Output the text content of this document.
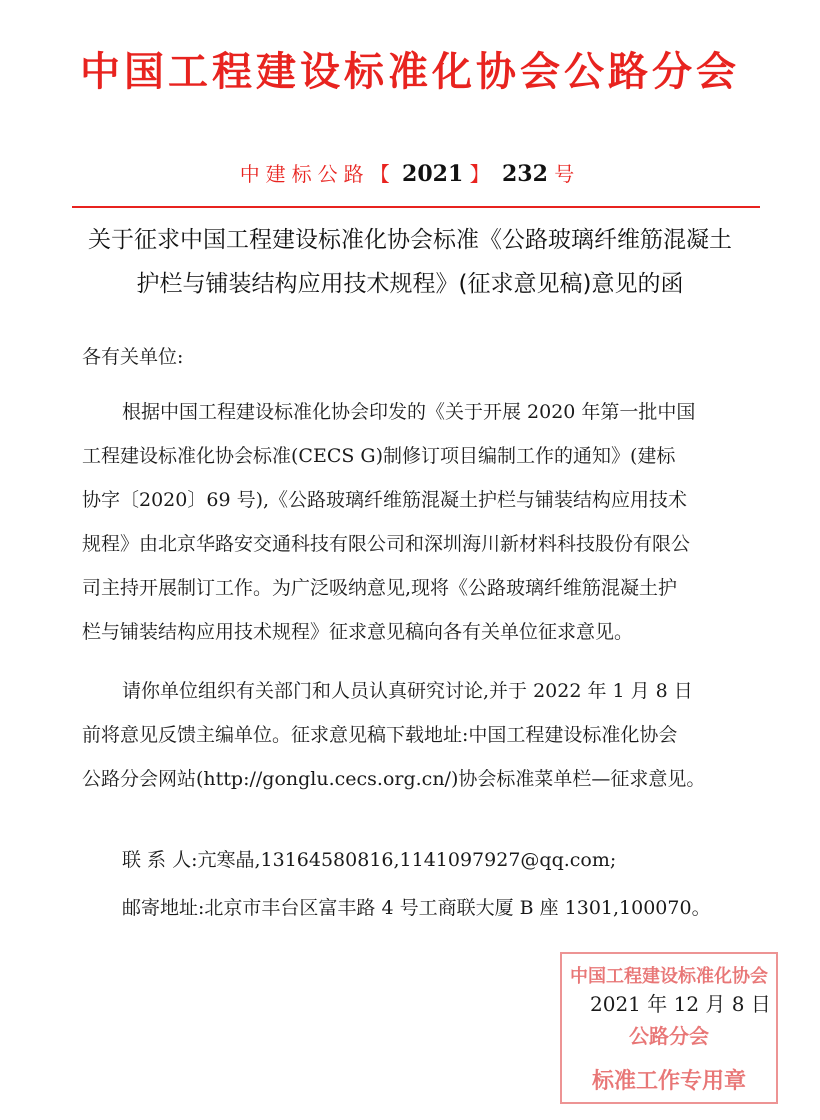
中国工程建设标准化协会公路分会
中建标公路【 2021 】 232 号
关于征求中国工程建设标准化协会标准《公路玻璃纤维筋混凝土
护栏与铺装结构应用技术规程》(征求意见稿)意见的函
各有关单位:
根据中国工程建设标准化协会印发的《关于开展 2020 年第一批中国
工程建设标准化协会标准(CECS G)制修订项目编制工作的通知》(建标
协字〔2020〕69 号),《公路玻璃纤维筋混凝土护栏与铺装结构应用技术
规程》由北京华路安交通科技有限公司和深圳海川新材料科技股份有限公
司主持开展制订工作。为广泛吸纳意见,现将《公路玻璃纤维筋混凝土护
栏与铺装结构应用技术规程》征求意见稿向各有关单位征求意见。
请你单位组织有关部门和人员认真研究讨论,并于 2022 年 1 月 8 日
前将意见反馈主编单位。征求意见稿下载地址:中国工程建设标准化协会
公路分会网站(http://gonglu.cecs.org.cn/)协会标准菜单栏—征求意见。
联 系 人:亢寒晶,13164580816,1141097927@qq.com;
邮寄地址:北京市丰台区富丰路 4 号工商联大厦 B 座 1301,100070。
中国工程建设标准化协会
公路分会
标准工作专用章
2021 年 12 月 8 日
